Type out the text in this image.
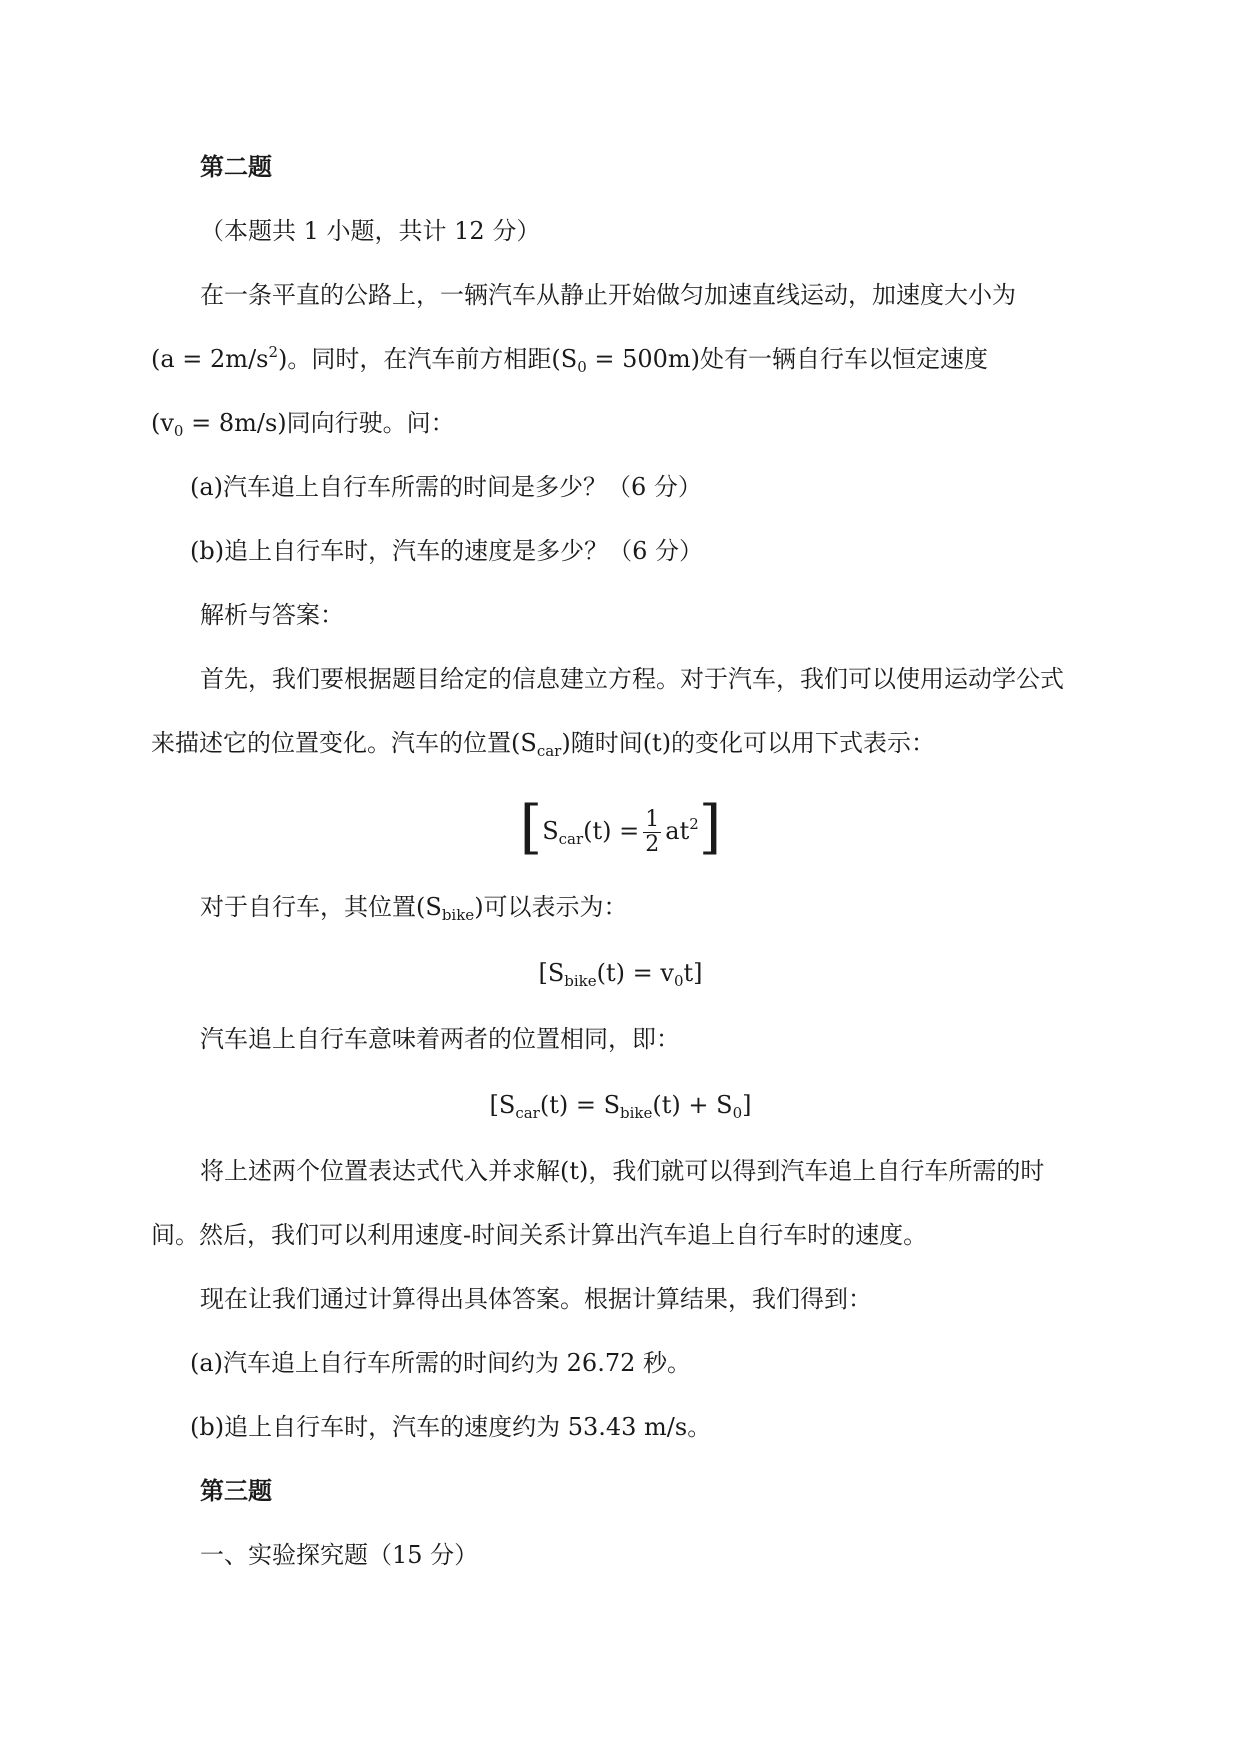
第二题
（本题共 1 小题，共计 12 分）
在一条平直的公路上，一辆汽车从静止开始做匀加速直线运动，加速度大小为
$(a = 2m/s^2)$。同时，在汽车前方相距$(S_0 = 500m)$处有一辆自行车以恒定速度
$(v_0 = 8m/s)$同向行驶。问：
(a)汽车追上自行车所需的时间是多少？（6 分）
(b)追上自行车时，汽车的速度是多少？（6 分）
解析与答案：
首先，我们要根据题目给定的信息建立方程。对于汽车，我们可以使用运动学公式
来描述它的位置变化。汽车的位置$(S_{car})$随时间(t)的变化可以用下式表示：
$[S_{car}(t) = \frac{1}{2} at^2]$
对于自行车，其位置$(S_{bike})$可以表示为：
$[S_{bike}(t) = v_0t]$
汽车追上自行车意味着两者的位置相同，即：
$[S_{car}(t) = S_{bike}(t) + S_0]$
将上述两个位置表达式代入并求解(t)，我们就可以得到汽车追上自行车所需的时
间。然后，我们可以利用速度-时间关系计算出汽车追上自行车时的速度。
现在让我们通过计算得出具体答案。根据计算结果，我们得到：
(a)汽车追上自行车所需的时间约为 26.72 秒。
(b)追上自行车时，汽车的速度约为 53.43 m/s。
第三题
一、实验探究题（15 分）
